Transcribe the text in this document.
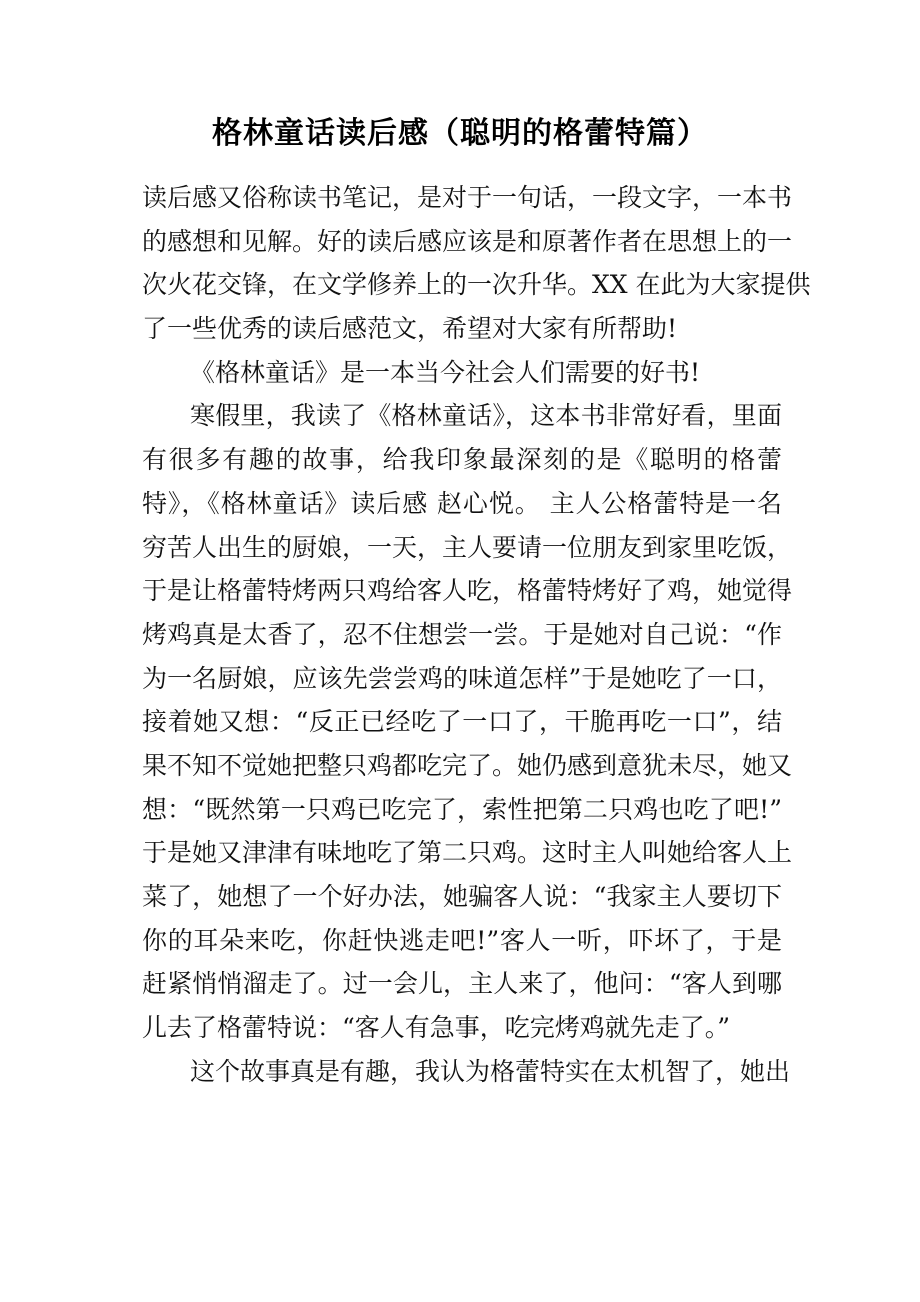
格林童话读后感（聪明的格蕾特篇）
读后感又俗称读书笔记，是对于一句话，一段文字，一本书
的感想和见解。好的读后感应该是和原著作者在思想上的一
次火花交锋，在文学修养上的一次升华。XX 在此为大家提供
了一些优秀的读后感范文，希望对大家有所帮助!
《格林童话》是一本当今社会人们需要的好书!
寒假里，我读了《格林童话》，这本书非常好看，里面
有很多有趣的故事，给我印象最深刻的是《聪明的格蕾
特》，《格林童话》读后感 赵心悦。 主人公格蕾特是一名
穷苦人出生的厨娘，一天，主人要请一位朋友到家里吃饭，
于是让格蕾特烤两只鸡给客人吃，格蕾特烤好了鸡，她觉得
烤鸡真是太香了，忍不住想尝一尝。于是她对自己说：“作
为一名厨娘，应该先尝尝鸡的味道怎样”于是她吃了一口，
接着她又想：“反正已经吃了一口了，干脆再吃一口”，结
果不知不觉她把整只鸡都吃完了。她仍感到意犹未尽，她又
想：“既然第一只鸡已吃完了，索性把第二只鸡也吃了吧!”
于是她又津津有味地吃了第二只鸡。这时主人叫她给客人上
菜了，她想了一个好办法，她骗客人说：“我家主人要切下
你的耳朵来吃，你赶快逃走吧!”客人一听，吓坏了，于是
赶紧悄悄溜走了。过一会儿，主人来了，他问：“客人到哪
儿去了格蕾特说：“客人有急事，吃完烤鸡就先走了。”
这个故事真是有趣，我认为格蕾特实在太机智了，她出
